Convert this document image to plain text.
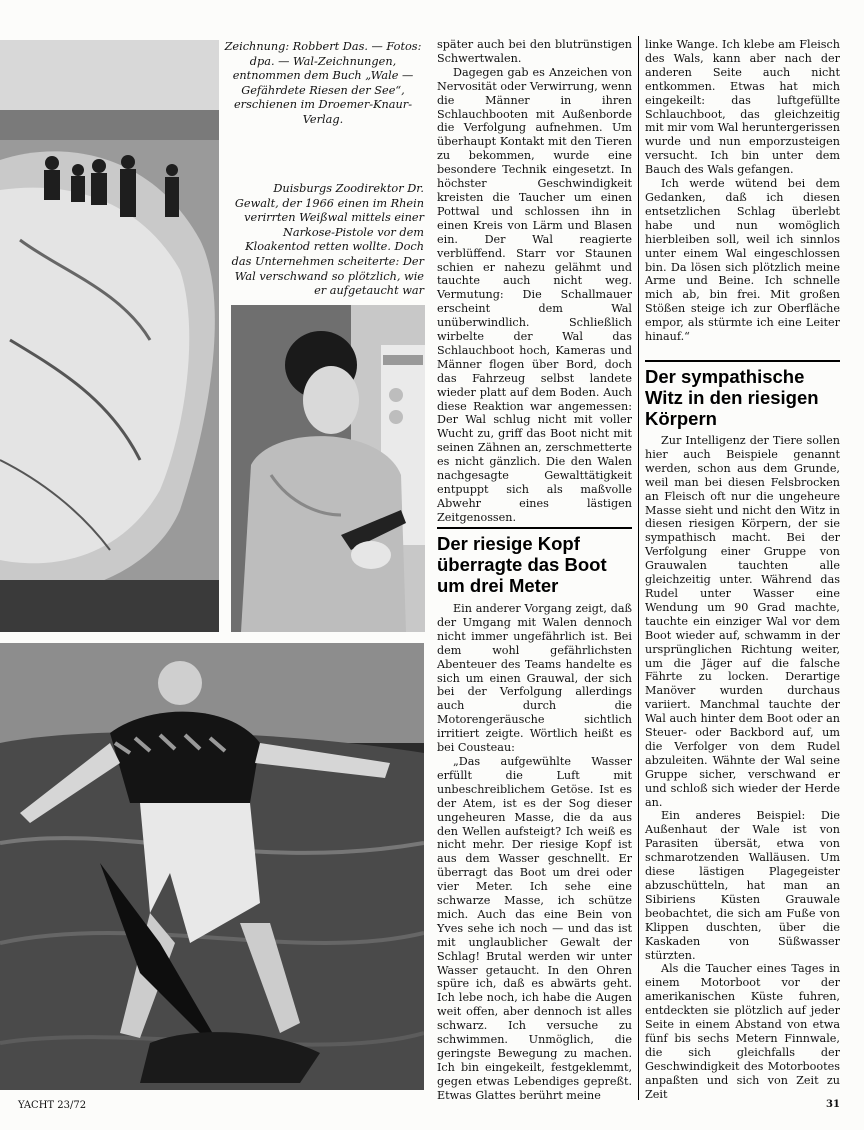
Zeichnung: Robbert Das. — Fotos: dpa. — Wal-Zeichnungen, entnommen dem Buch „Wale — Gefährdete Riesen der See“, erschienen im Droemer-Knaur-Verlag.
Duisburgs Zoodirektor Dr. Gewalt, der 1966 einen im Rhein verirrten Weißwal mittels einer Narkose-Pistole vor dem Kloakentod retten wollte. Doch das Unternehmen scheiterte: Der Wal verschwand so plötzlich, wie er aufgetaucht war

später auch bei den blutrünstigen Schwertwalen.

Dagegen gab es Anzeichen von Nervosität oder Verwirrung, wenn die Männer in ihren Schlauchbooten mit Außenborde die Verfolgung aufnehmen. Um überhaupt Kontakt mit den Tieren zu bekommen, wurde eine besondere Technik eingesetzt. In höchster Geschwindigkeit kreisten die Taucher um einen Pottwal und schlossen ihn in einen Kreis von Lärm und Blasen ein. Der Wal reagierte verblüffend. Starr vor Staunen schien er nahezu gelähmt und tauchte auch nicht weg. Vermutung: Die Schallmauer erscheint dem Wal unüberwindlich. Schließlich wirbelte der Wal das Schlauchboot hoch, Kameras und Männer flogen über Bord, doch das Fahrzeug selbst landete wieder platt auf dem Boden. Auch diese Reaktion war angemessen: Der Wal schlug nicht mit voller Wucht zu, griff das Boot nicht mit seinen Zähnen an, zerschmetterte es nicht gänzlich. Die den Walen nachgesagte Gewalttätigkeit entpuppt sich als maßvolle Abwehr eines lästigen Zeitgenossen.

Der riesige Kopf überragte das Boot um drei Meter

Ein anderer Vorgang zeigt, daß der Umgang mit Walen dennoch nicht immer ungefährlich ist. Bei dem wohl gefährlichsten Abenteuer des Teams handelte es sich um einen Grauwal, der sich bei der Verfolgung allerdings auch durch die Motorengeräusche sichtlich irritiert zeigte. Wörtlich heißt es bei Cousteau:

„Das aufgewühlte Wasser erfüllt die Luft mit unbeschreiblichem Getöse. Ist es der Atem, ist es der Sog dieser ungeheuren Masse, die da aus den Wellen aufsteigt? Ich weiß es nicht mehr. Der riesige Kopf ist aus dem Wasser geschnellt. Er überragt das Boot um drei oder vier Meter. Ich sehe eine schwarze Masse, ich schütze mich. Auch das eine Bein von Yves sehe ich noch — und das ist mit unglaublicher Gewalt der Schlag! Brutal werden wir unter Wasser getaucht. In den Ohren spüre ich, daß es abwärts geht. Ich lebe noch, ich habe die Augen weit offen, aber dennoch ist alles schwarz. Ich versuche zu schwimmen. Unmöglich, die geringste Bewegung zu machen. Ich bin eingekeilt, festgeklemmt, gegen etwas Lebendiges gepreßt. Etwas Glattes berührt meine

linke Wange. Ich klebe am Fleisch des Wals, kann aber nach der anderen Seite auch nicht entkommen. Etwas hat mich eingekeilt: das luftgefüllte Schlauchboot, das gleichzeitig mit mir vom Wal heruntergerissen wurde und nun emporzusteigen versucht. Ich bin unter dem Bauch des Wals gefangen.

Ich werde wütend bei dem Gedanken, daß ich diesen entsetzlichen Schlag überlebt habe und nun womöglich hierbleiben soll, weil ich sinnlos unter einem Wal eingeschlossen bin. Da lösen sich plötzlich meine Arme und Beine. Ich schnelle mich ab, bin frei. Mit großen Stößen steige ich zur Oberfläche empor, als stürmte ich eine Leiter hinauf.“

Der sympathische Witz in den riesigen Körpern

Zur Intelligenz der Tiere sollen hier auch Beispiele genannt werden, schon aus dem Grunde, weil man bei diesen Felsbrocken an Fleisch oft nur die ungeheure Masse sieht und nicht den Witz in diesen riesigen Körpern, der sie sympathisch macht. Bei der Verfolgung einer Gruppe von Grauwalen tauchten alle gleichzeitig unter. Während das Rudel unter Wasser eine Wendung um 90 Grad machte, tauchte ein einziger Wal vor dem Boot wieder auf, schwamm in der ursprünglichen Richtung weiter, um die Jäger auf die falsche Fährte zu locken. Derartige Manöver wurden durchaus variiert. Manchmal tauchte der Wal auch hinter dem Boot oder an Steuer- oder Backbord auf, um die Verfolger von dem Rudel abzuleiten. Wähnte der Wal seine Gruppe sicher, verschwand er und schloß sich wieder der Herde an.

Ein anderes Beispiel: Die Außenhaut der Wale ist von Parasiten übersät, etwa von schmarotzenden Walläusen. Um diese lästigen Plagegeister abzuschütteln, hat man an Sibiriens Küsten Grauwale beobachtet, die sich am Fuße von Klippen duschten, über die Kaskaden von Süßwasser stürzten.

Als die Taucher eines Tages in einem Motorboot vor der amerikanischen Küste fuhren, entdeckten sie plötzlich auf jeder Seite in einem Abstand von etwa fünf bis sechs Metern Finnwale, die sich gleichfalls der Geschwindigkeit des Motorbootes anpaßten und sich von Zeit zu Zeit

YACHT 23/72	31
